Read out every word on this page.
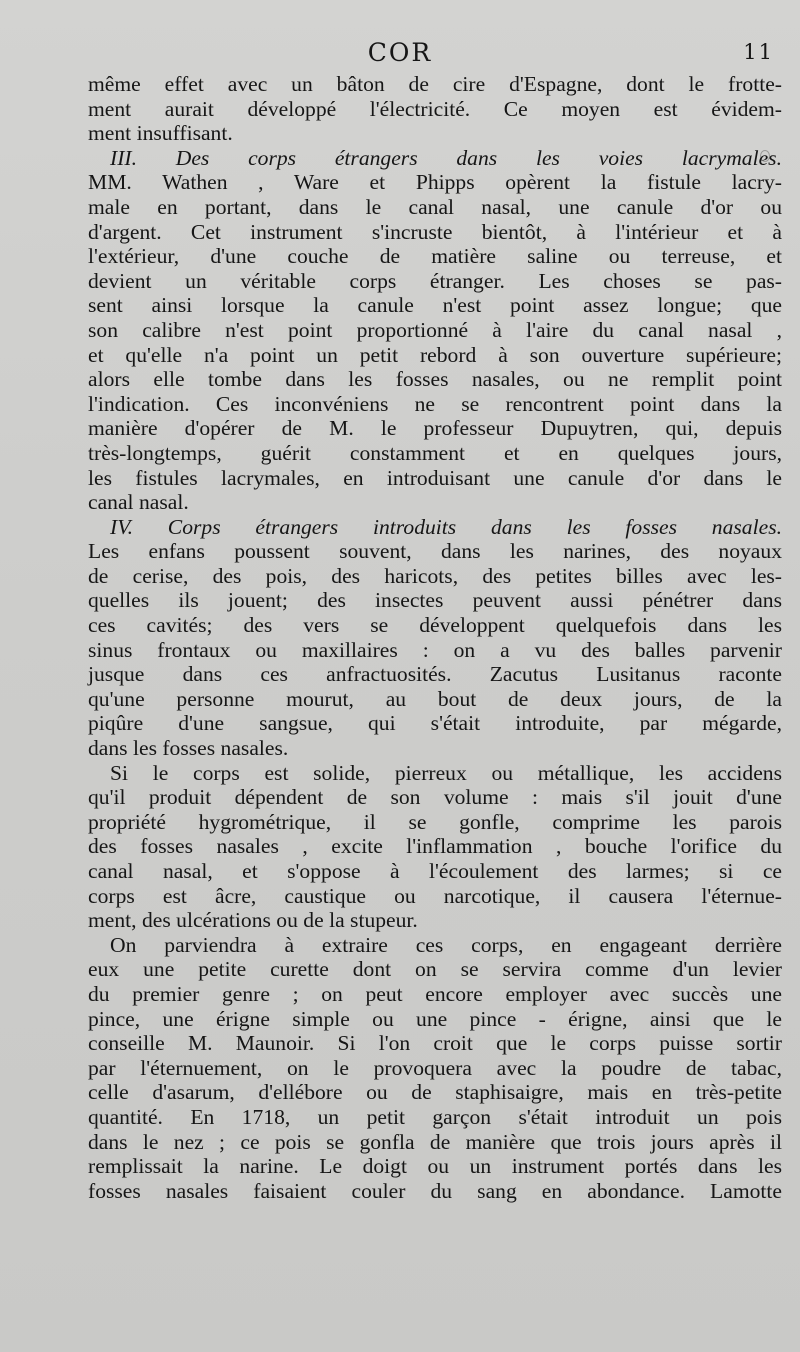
COR	11
même effet avec un bâton de cire d'Espagne, dont le frotte-
ment aurait développé l'électricité. Ce moyen est évidem-
ment insuffisant.
III. Des corps étrangers dans les voies lacrymales.
MM. Wathen , Ware et Phipps opèrent la fistule lacry-
male en portant, dans le canal nasal, une canule d'or ou
d'argent. Cet instrument s'incruste bientôt, à l'intérieur et à
l'extérieur, d'une couche de matière saline ou terreuse, et
devient un véritable corps étranger. Les choses se pas-
sent ainsi lorsque la canule n'est point assez longue; que
son calibre n'est point proportionné à l'aire du canal nasal ,
et qu'elle n'a point un petit rebord à son ouverture supérieure;
alors elle tombe dans les fosses nasales, ou ne remplit point
l'indication. Ces inconvéniens ne se rencontrent point dans la
manière d'opérer de M. le professeur Dupuytren, qui, depuis
très-longtemps, guérit constamment et en quelques jours,
les fistules lacrymales, en introduisant une canule d'or dans le
canal nasal.
IV. Corps étrangers introduits dans les fosses nasales.
Les enfans poussent souvent, dans les narines, des noyaux
de cerise, des pois, des haricots, des petites billes avec les-
quelles ils jouent; des insectes peuvent aussi pénétrer dans
ces cavités; des vers se développent quelquefois dans les
sinus frontaux ou maxillaires : on a vu des balles parvenir
jusque dans ces anfractuosités. Zacutus Lusitanus raconte
qu'une personne mourut, au bout de deux jours, de la
piqûre d'une sangsue, qui s'était introduite, par mégarde,
dans les fosses nasales.
Si le corps est solide, pierreux ou métallique, les accidens
qu'il produit dépendent de son volume : mais s'il jouit d'une
propriété hygrométrique, il se gonfle, comprime les parois
des fosses nasales , excite l'inflammation , bouche l'orifice du
canal nasal, et s'oppose à l'écoulement des larmes; si ce
corps est âcre, caustique ou narcotique, il causera l'éternue-
ment, des ulcérations ou de la stupeur.
On parviendra à extraire ces corps, en engageant derrière
eux une petite curette dont on se servira comme d'un levier
du premier genre ; on peut encore employer avec succès une
pince, une érigne simple ou une pince - érigne, ainsi que le
conseille M. Maunoir. Si l'on croit que le corps puisse sortir
par l'éternuement, on le provoquera avec la poudre de tabac,
celle d'asarum, d'ellébore ou de staphisaigre, mais en très-petite
quantité. En 1718, un petit garçon s'était introduit un pois
dans le nez ; ce pois se gonfla de manière que trois jours après il
remplissait la narine. Le doigt ou un instrument portés dans les
fosses nasales faisaient couler du sang en abondance. Lamotte
